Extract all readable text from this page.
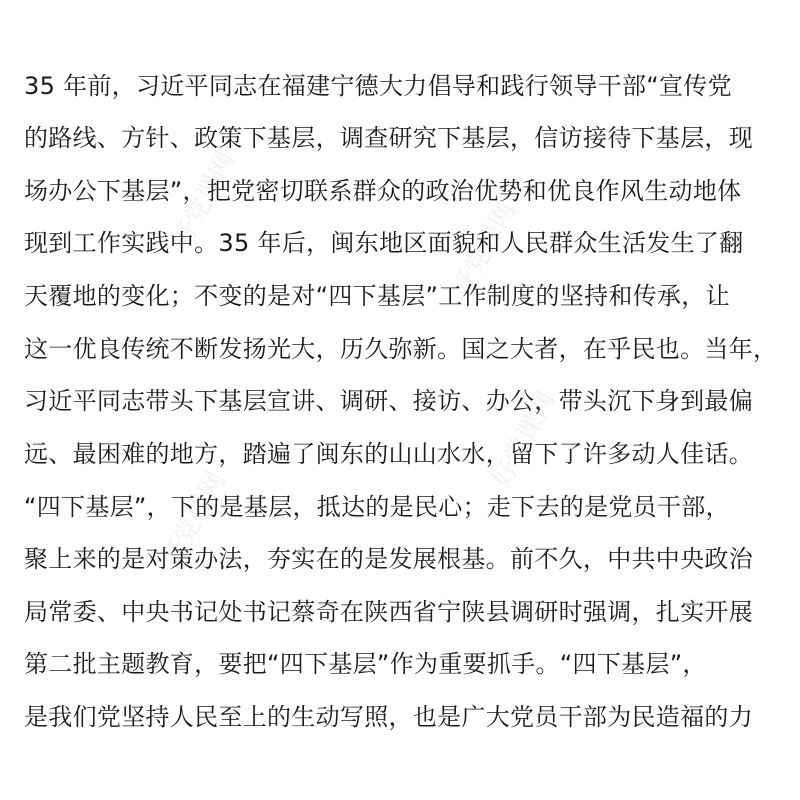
好党课网	好党课网
好党课网
好党课网
35 年前，习近平同志在福建宁德大力倡导和践行领导干部“宣传党
的路线、方针、政策下基层，调查研究下基层，信访接待下基层，现
场办公下基层”，把党密切联系群众的政治优势和优良作风生动地体
现到工作实践中。35 年后，闽东地区面貌和人民群众生活发生了翻
天覆地的变化；不变的是对“四下基层”工作制度的坚持和传承，让
这一优良传统不断发扬光大，历久弥新。国之大者，在乎民也。当年，
习近平同志带头下基层宣讲、调研、接访、办公，带头沉下身到最偏
远、最困难的地方，踏遍了闽东的山山水水，留下了许多动人佳话。
“四下基层”，下的是基层，抵达的是民心；走下去的是党员干部，
聚上来的是对策办法，夯实在的是发展根基。前不久，中共中央政治
局常委、中央书记处书记蔡奇在陕西省宁陕县调研时强调，扎实开展
第二批主题教育，要把“四下基层”作为重要抓手。“四下基层”，
是我们党坚持人民至上的生动写照，也是广大党员干部为民造福的力
